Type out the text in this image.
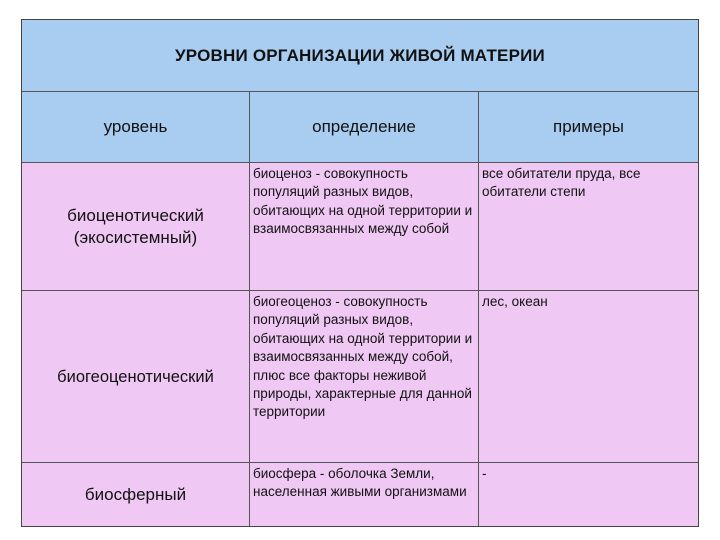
УРОВНИ ОРГАНИЗАЦИИ ЖИВОЙ МАТЕРИИ
уровень	определение	примеры
биоценотический (экосистемный)
биоценоз - совокупность популяций разных видов, обитающих на одной территории и взаимосвязанных между собой
все обитатели пруда, все обитатели степи
биогеоценотический
биогеоценоз - совокупность популяций разных видов, обитающих на одной территории и взаимосвязанных между собой, плюс все факторы неживой природы, характерные для данной территории
лес, океан
биосферный
биосфера - оболочка Земли, населенная живыми организмами
-
